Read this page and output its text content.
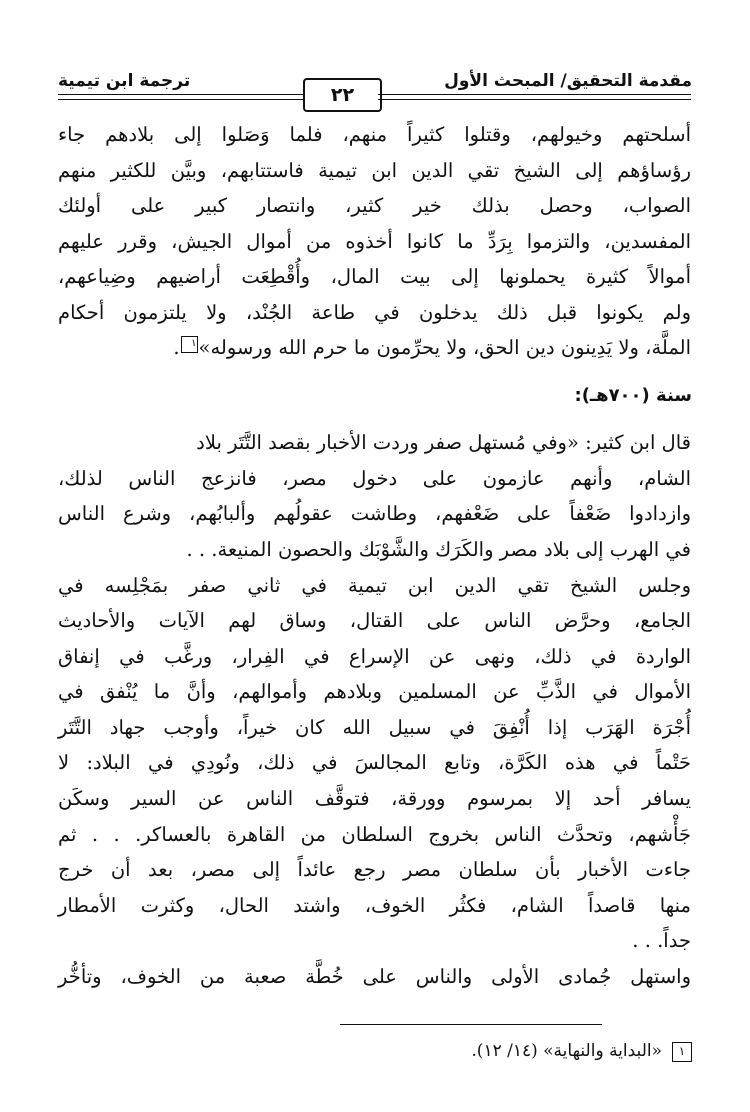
مقدمة التحقيق/ المبحث الأول
ترجمة ابن تيمية
٢٢
أسلحتهم وخيولهم، وقتلوا كثيراً منهم، فلما وَصَلوا إلى بلادهم جاء
رؤساؤهم إلى الشيخ تقي الدين ابن تيمية فاستتابهم، وبيَّن للكثير منهم
الصواب، وحصل بذلك خير كثير، وانتصار كبير على أولئك
المفسدين، والتزموا بِرَدِّ ما كانوا أخذوه من أموال الجيش، وقرر عليهم
أموالاً كثيرة يحملونها إلى بيت المال، وأُقْطِعَت أراضيهم وضِياعهم،
ولم يكونوا قبل ذلك يدخلون في طاعة الجُنْد، ولا يلتزمون أحكام
الملَّة، ولا يَدِينون دين الحق، ولا يحرِّمون ما حرم الله ورسوله»١.
سنة (٧٠٠هـ):
قال ابن كثير: «وفي مُستهل صفر وردت الأخبار بقصد التَّتَر بلاد
الشام، وأنهم عازمون على دخول مصر، فانزعج الناس لذلك،
وازدادوا ضَعْفاً على ضَعْفهم، وطاشت عقولُهم وألبابُهم، وشرع الناس
في الهرب إلى بلاد مصر والكَرَك والشَّوْبَك والحصون المنيعة. . .
وجلس الشيخ تقي الدين ابن تيمية في ثاني صفر بمَجْلِسه في
الجامع، وحرَّض الناس على القتال، وساق لهم الآيات والأحاديث
الواردة في ذلك، ونهى عن الإسراع في الفِرار، ورغَّب في إنفاق
الأموال في الذَّبِّ عن المسلمين وبلادهم وأموالهم، وأنَّ ما يُنْفق في
أُجْرَة الهَرَب إذا أُنْفِقَ في سبيل الله كان خيراً، وأوجب جهاد التَّتَر
حَتْماً في هذه الكَرَّة، وتابع المجالسَ في ذلك، ونُودِي في البلاد: لا
يسافر أحد إلا بمرسوم وورقة، فتوقَّف الناس عن السير وسكَن
جَأْشهم، وتحدَّث الناس بخروج السلطان من القاهرة بالعساكر. . . ثم
جاءت الأخبار بأن سلطان مصر رجع عائداً إلى مصر، بعد أن خرج
منها قاصداً الشام، فكثُر الخوف، واشتد الحال، وكثرت الأمطار
جداً. . .
واستهل جُمادى الأولى والناس على خُطَّة صعبة من الخوف، وتأخُّر
١«البداية والنهاية» (١٤/ ١٢).
